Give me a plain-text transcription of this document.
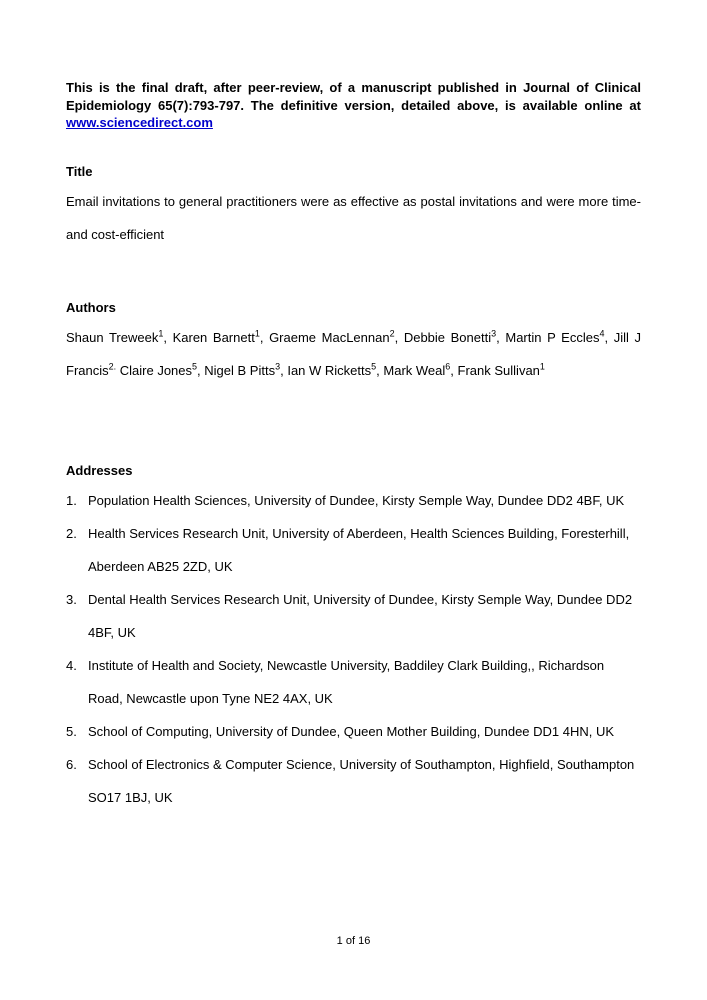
This is the final draft, after peer-review, of a manuscript published in Journal of Clinical Epidemiology 65(7):793-797. The definitive version, detailed above, is available online at www.sciencedirect.com

Title

Email invitations to general practitioners were as effective as postal invitations and were more time- and cost-efficient

Authors

Shaun Treweek$^1$, Karen Barnett$^1$, Graeme MacLennan$^2$, Debbie Bonetti$^3$, Martin P Eccles$^4$, Jill J Francis$^{2.}$ Claire Jones$^5$, Nigel B Pitts$^3$, Ian W Ricketts$^5$, Mark Weal$^6$, Frank Sullivan$^1$

Addresses

1. Population Health Sciences, University of Dundee, Kirsty Semple Way, Dundee DD2 4BF, UK
2. Health Services Research Unit, University of Aberdeen, Health Sciences Building, Foresterhill, Aberdeen AB25 2ZD, UK
3. Dental Health Services Research Unit, University of Dundee, Kirsty Semple Way, Dundee DD2 4BF, UK
4. Institute of Health and Society, Newcastle University, Baddiley Clark Building,, Richardson Road, Newcastle upon Tyne NE2 4AX, UK
5. School of Computing, University of Dundee, Queen Mother Building, Dundee DD1 4HN, UK
6. School of Electronics & Computer Science, University of Southampton, Highfield, Southampton SO17 1BJ, UK
1 of 16
